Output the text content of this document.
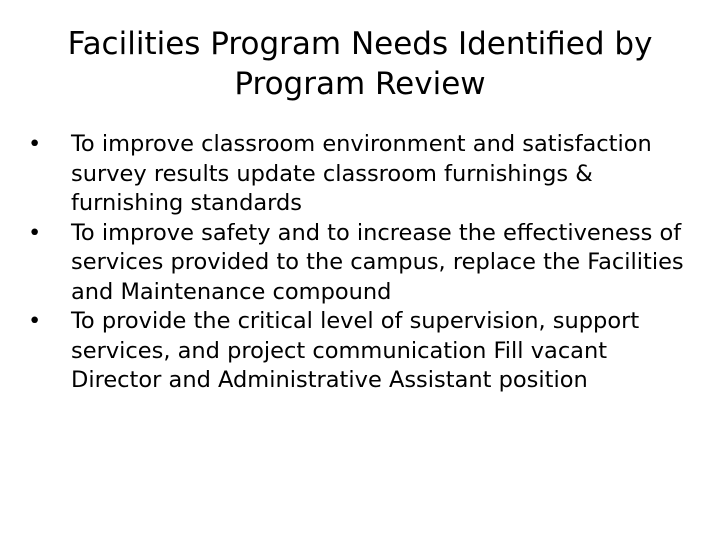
Facilities Program Needs Identified by Program Review
• To improve classroom environment and satisfaction survey results update classroom furnishings & furnishing standards
• To improve safety and to increase the effectiveness of services provided to the campus, replace the Facilities and Maintenance compound
• To provide the critical level of supervision, support services, and project communication Fill vacant Director and Administrative Assistant position
